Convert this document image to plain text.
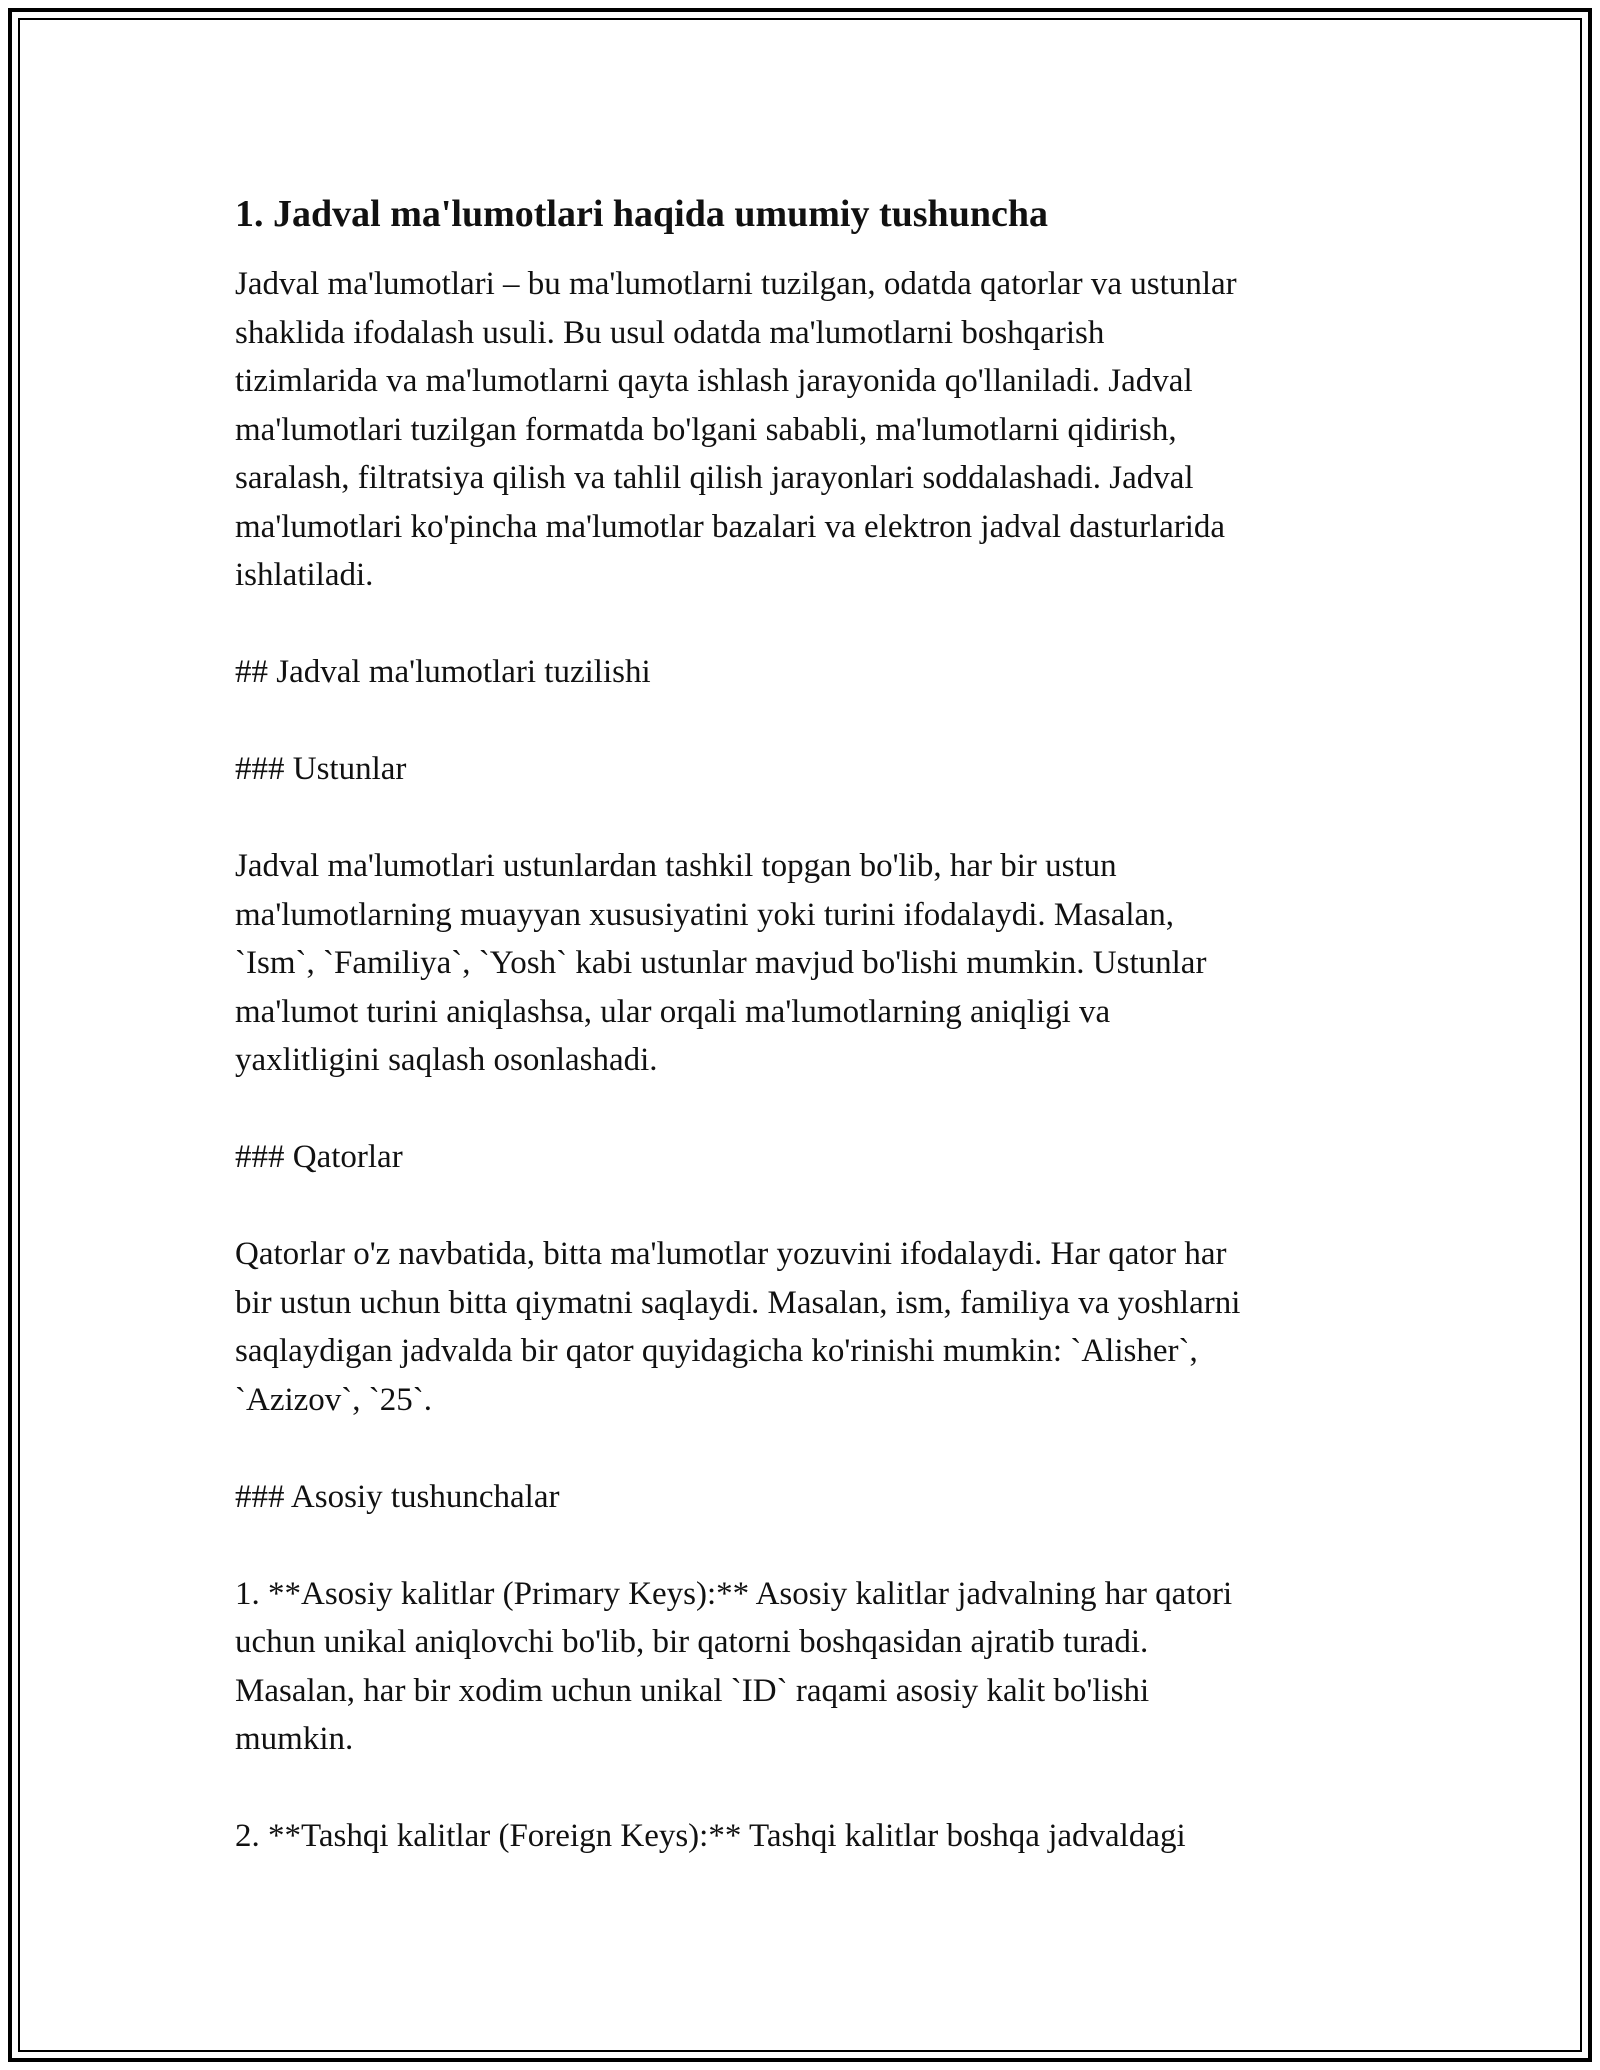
1. Jadval ma'lumotlari haqida umumiy tushuncha

Jadval ma'lumotlari – bu ma'lumotlarni tuzilgan, odatda qatorlar va ustunlar
shaklida ifodalash usuli. Bu usul odatda ma'lumotlarni boshqarish
tizimlarida va ma'lumotlarni qayta ishlash jarayonida qo'llaniladi. Jadval
ma'lumotlari tuzilgan formatda bo'lgani sababli, ma'lumotlarni qidirish,
saralash, filtratsiya qilish va tahlil qilish jarayonlari soddalashadi. Jadval
ma'lumotlari ko'pincha ma'lumotlar bazalari va elektron jadval dasturlarida
ishlatiladi.

## Jadval ma'lumotlari tuzilishi

### Ustunlar

Jadval ma'lumotlari ustunlardan tashkil topgan bo'lib, har bir ustun
ma'lumotlarning muayyan xususiyatini yoki turini ifodalaydi. Masalan,
`Ism`, `Familiya`, `Yosh` kabi ustunlar mavjud bo'lishi mumkin. Ustunlar
ma'lumot turini aniqlashsa, ular orqali ma'lumotlarning aniqligi va
yaxlitligini saqlash osonlashadi.

### Qatorlar

Qatorlar o'z navbatida, bitta ma'lumotlar yozuvini ifodalaydi. Har qator har
bir ustun uchun bitta qiymatni saqlaydi. Masalan, ism, familiya va yoshlarni
saqlaydigan jadvalda bir qator quyidagicha ko'rinishi mumkin: `Alisher`,
`Azizov`, `25`.

### Asosiy tushunchalar

1. **Asosiy kalitlar (Primary Keys):** Asosiy kalitlar jadvalning har qatori
uchun unikal aniqlovchi bo'lib, bir qatorni boshqasidan ajratib turadi.
Masalan, har bir xodim uchun unikal `ID` raqami asosiy kalit bo'lishi
mumkin.

2. **Tashqi kalitlar (Foreign Keys):** Tashqi kalitlar boshqa jadvaldagi
